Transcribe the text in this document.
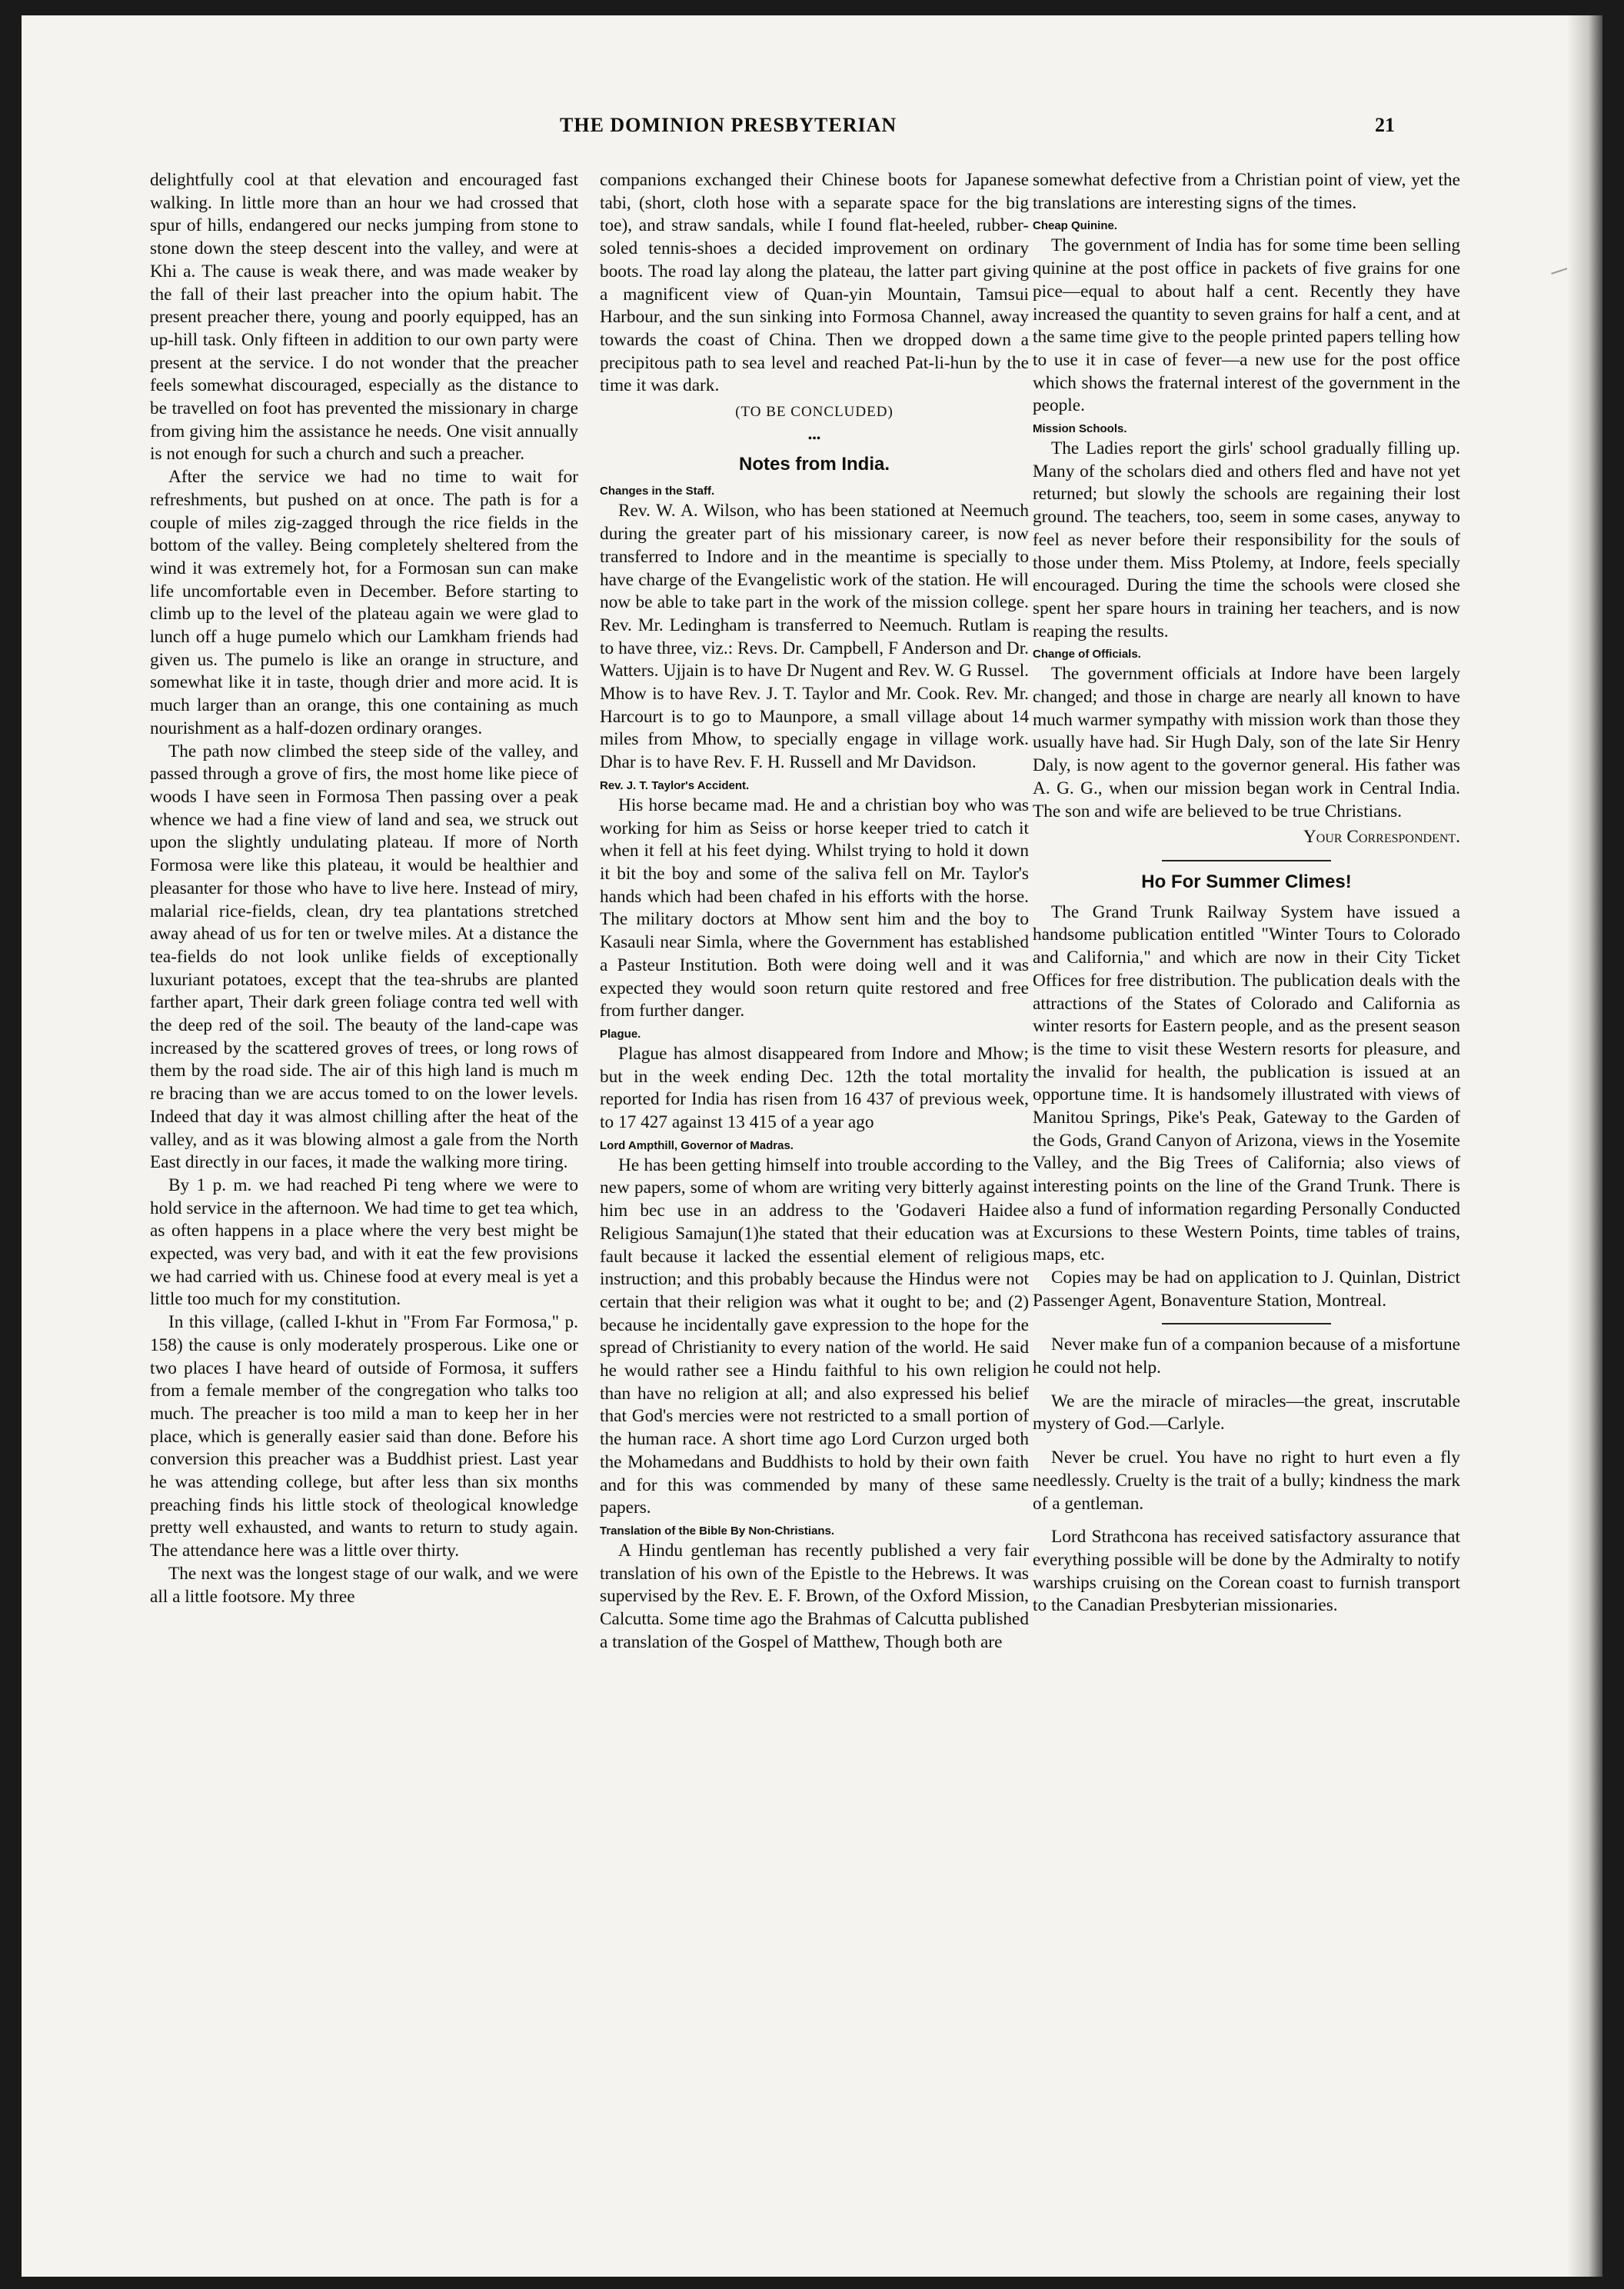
THE DOMINION PRESBYTERIAN	21

delightfully cool at that elevation and encouraged fast walking. In little more than an hour we had crossed that spur of hills, endangered our necks jumping from stone to stone down the steep descent into the valley, and were at Khi a. The cause is weak there, and was made weaker by the fall of their last preacher into the opium habit. The present preacher there, young and poorly equipped, has an up-hill task. Only fifteen in addition to our own party were present at the service. I do not wonder that the preacher feels somewhat discouraged, especially as the distance to be travelled on foot has prevented the missionary in charge from giving him the assistance he needs. One visit annually is not enough for such a church and such a preacher.

After the service we had no time to wait for refreshments, but pushed on at once. The path is for a couple of miles zig-zagged through the rice fields in the bottom of the valley. Being completely sheltered from the wind it was extremely hot, for a Formosan sun can make life uncomfortable even in December. Before starting to climb up to the level of the plateau again we were glad to lunch off a huge pumelo which our Lamkham friends had given us. The pumelo is like an orange in structure, and somewhat like it in taste, though drier and more acid. It is much larger than an orange, this one containing as much nourishment as a half-dozen ordinary oranges.

The path now climbed the steep side of the valley, and passed through a grove of firs, the most home like piece of woods I have seen in Formosa Then passing over a peak whence we had a fine view of land and sea, we struck out upon the slightly undulating plateau. If more of North Formosa were like this plateau, it would be healthier and pleasanter for those who have to live here. Instead of miry, malarial rice-fields, clean, dry tea plantations stretched away ahead of us for ten or twelve miles. At a distance the tea-fields do not look unlike fields of exceptionally luxuriant potatoes, except that the tea-shrubs are planted farther apart, Their dark green foliage contra ted well with the deep red of the soil. The beauty of the land-cape was increased by the scattered groves of trees, or long rows of them by the road side. The air of this high land is much m re bracing than we are accus tomed to on the lower levels. Indeed that day it was almost chilling after the heat of the valley, and as it was blowing almost a gale from the North East directly in our faces, it made the walking more tiring.

By 1 p. m. we had reached Pi teng where we were to hold service in the afternoon. We had time to get tea which, as often happens in a place where the very best might be expected, was very bad, and with it eat the few provisions we had carried with us. Chinese food at every meal is yet a little too much for my constitution.

In this village, (called I-khut in "From Far Formosa," p. 158) the cause is only moderately prosperous. Like one or two places I have heard of outside of Formosa, it suffers from a female member of the congregation who talks too much. The preacher is too mild a man to keep her in her place, which is generally easier said than done. Before his conversion this preacher was a Buddhist priest. Last year he was attending college, but after less than six months preaching finds his little stock of theological knowledge pretty well exhausted, and wants to return to study again. The attendance here was a little over thirty.

The next was the longest stage of our walk, and we were all a little footsore. My three

companions exchanged their Chinese boots for Japanese tabi, (short, cloth hose with a separate space for the big toe), and straw sandals, while I found flat-heeled, rubber-soled tennis-shoes a decided improvement on ordinary boots. The road lay along the plateau, the latter part giving a magnificent view of Quan-yin Mountain, Tamsui Harbour, and the sun sinking into Formosa Channel, away towards the coast of China. Then we dropped down a precipitous path to sea level and reached Pat-li-hun by the time it was dark.

(TO BE CONCLUDED)
•••
Notes from India.
Changes in the Staff.

Rev. W. A. Wilson, who has been stationed at Neemuch during the greater part of his missionary career, is now transferred to Indore and in the meantime is specially to have charge of the Evangelistic work of the station. He will now be able to take part in the work of the mission college. Rev. Mr. Ledingham is transferred to Neemuch. Rutlam is to have three, viz.: Revs. Dr. Campbell, F Anderson and Dr. Watters. Ujjain is to have Dr Nugent and Rev. W. G Russel. Mhow is to have Rev. J. T. Taylor and Mr. Cook. Rev. Mr. Harcourt is to go to Maunpore, a small village about 14 miles from Mhow, to specially engage in village work. Dhar is to have Rev. F. H. Russell and Mr Davidson.

Rev. J. T. Taylor's Accident.

His horse became mad. He and a christian boy who was working for him as Seiss or horse keeper tried to catch it when it fell at his feet dying. Whilst trying to hold it down it bit the boy and some of the saliva fell on Mr. Taylor's hands which had been chafed in his efforts with the horse. The military doctors at Mhow sent him and the boy to Kasauli near Simla, where the Government has established a Pasteur Institution. Both were doing well and it was expected they would soon return quite restored and free from further danger.

Plague.

Plague has almost disappeared from Indore and Mhow; but in the week ending Dec. 12th the total mortality reported for India has risen from 16 437 of previous week, to 17 427 against 13 415 of a year ago

Lord Ampthill, Governor of Madras.

He has been getting himself into trouble according to the new papers, some of whom are writing very bitterly against him bec use in an address to the 'Godaveri Haidee Religious Samajun(1)he stated that their education was at fault because it lacked the essential element of religious instruction; and this probably because the Hindus were not certain that their religion was what it ought to be; and (2) because he incidentally gave expression to the hope for the spread of Christianity to every nation of the world. He said he would rather see a Hindu faithful to his own religion than have no religion at all; and also expressed his belief that God's mercies were not restricted to a small portion of the human race. A short time ago Lord Curzon urged both the Mohamedans and Buddhists to hold by their own faith and for this was commended by many of these same papers.

Translation of the Bible By Non-Christians.

A Hindu gentleman has recently published a very fair translation of his own of the Epistle to the Hebrews. It was supervised by the Rev. E. F. Brown, of the Oxford Mission, Calcutta. Some time ago the Brahmas of Calcutta published a translation of the Gospel of Matthew, Though both are

somewhat defective from a Christian point of view, yet the translations are interesting signs of the times.

Cheap Quinine.

The government of India has for some time been selling quinine at the post office in packets of five grains for one pice—equal to about half a cent. Recently they have increased the quantity to seven grains for half a cent, and at the same time give to the people printed papers telling how to use it in case of fever—a new use for the post office which shows the fraternal interest of the government in the people.

Mission Schools.

The Ladies report the girls' school gradually filling up. Many of the scholars died and others fled and have not yet returned; but slowly the schools are regaining their lost ground. The teachers, too, seem in some cases, anyway to feel as never before their responsibility for the souls of those under them. Miss Ptolemy, at Indore, feels specially encouraged. During the time the schools were closed she spent her spare hours in training her teachers, and is now reaping the results.

Change of Officials.

The government officials at Indore have been largely changed; and those in charge are nearly all known to have much warmer sympathy with mission work than those they usually have had. Sir Hugh Daly, son of the late Sir Henry Daly, is now agent to the governor general. His father was A. G. G., when our mission began work in Central India. The son and wife are believed to be true Christians.

Your Correspondent.
Ho For Summer Climes!

The Grand Trunk Railway System have issued a handsome publication entitled "Winter Tours to Colorado and California," and which are now in their City Ticket Offices for free distribution. The publication deals with the attractions of the States of Colorado and California as winter resorts for Eastern people, and as the present season is the time to visit these Western resorts for pleasure, and the invalid for health, the publication is issued at an opportune time. It is handsomely illustrated with views of Manitou Springs, Pike's Peak, Gateway to the Garden of the Gods, Grand Canyon of Arizona, views in the Yosemite Valley, and the Big Trees of California; also views of interesting points on the line of the Grand Trunk. There is also a fund of information regarding Personally Conducted Excursions to these Western Points, time tables of trains, maps, etc.

Copies may be had on application to J. Quinlan, District Passenger Agent, Bonaventure Station, Montreal.

Never make fun of a companion because of a misfortune he could not help.

We are the miracle of miracles—the great, inscrutable mystery of God.—Carlyle.

Never be cruel. You have no right to hurt even a fly needlessly. Cruelty is the trait of a bully; kindness the mark of a gentleman.

Lord Strathcona has received satisfactory assurance that everything possible will be done by the Admiralty to notify warships cruising on the Corean coast to furnish transport to the Canadian Presbyterian missionaries.
